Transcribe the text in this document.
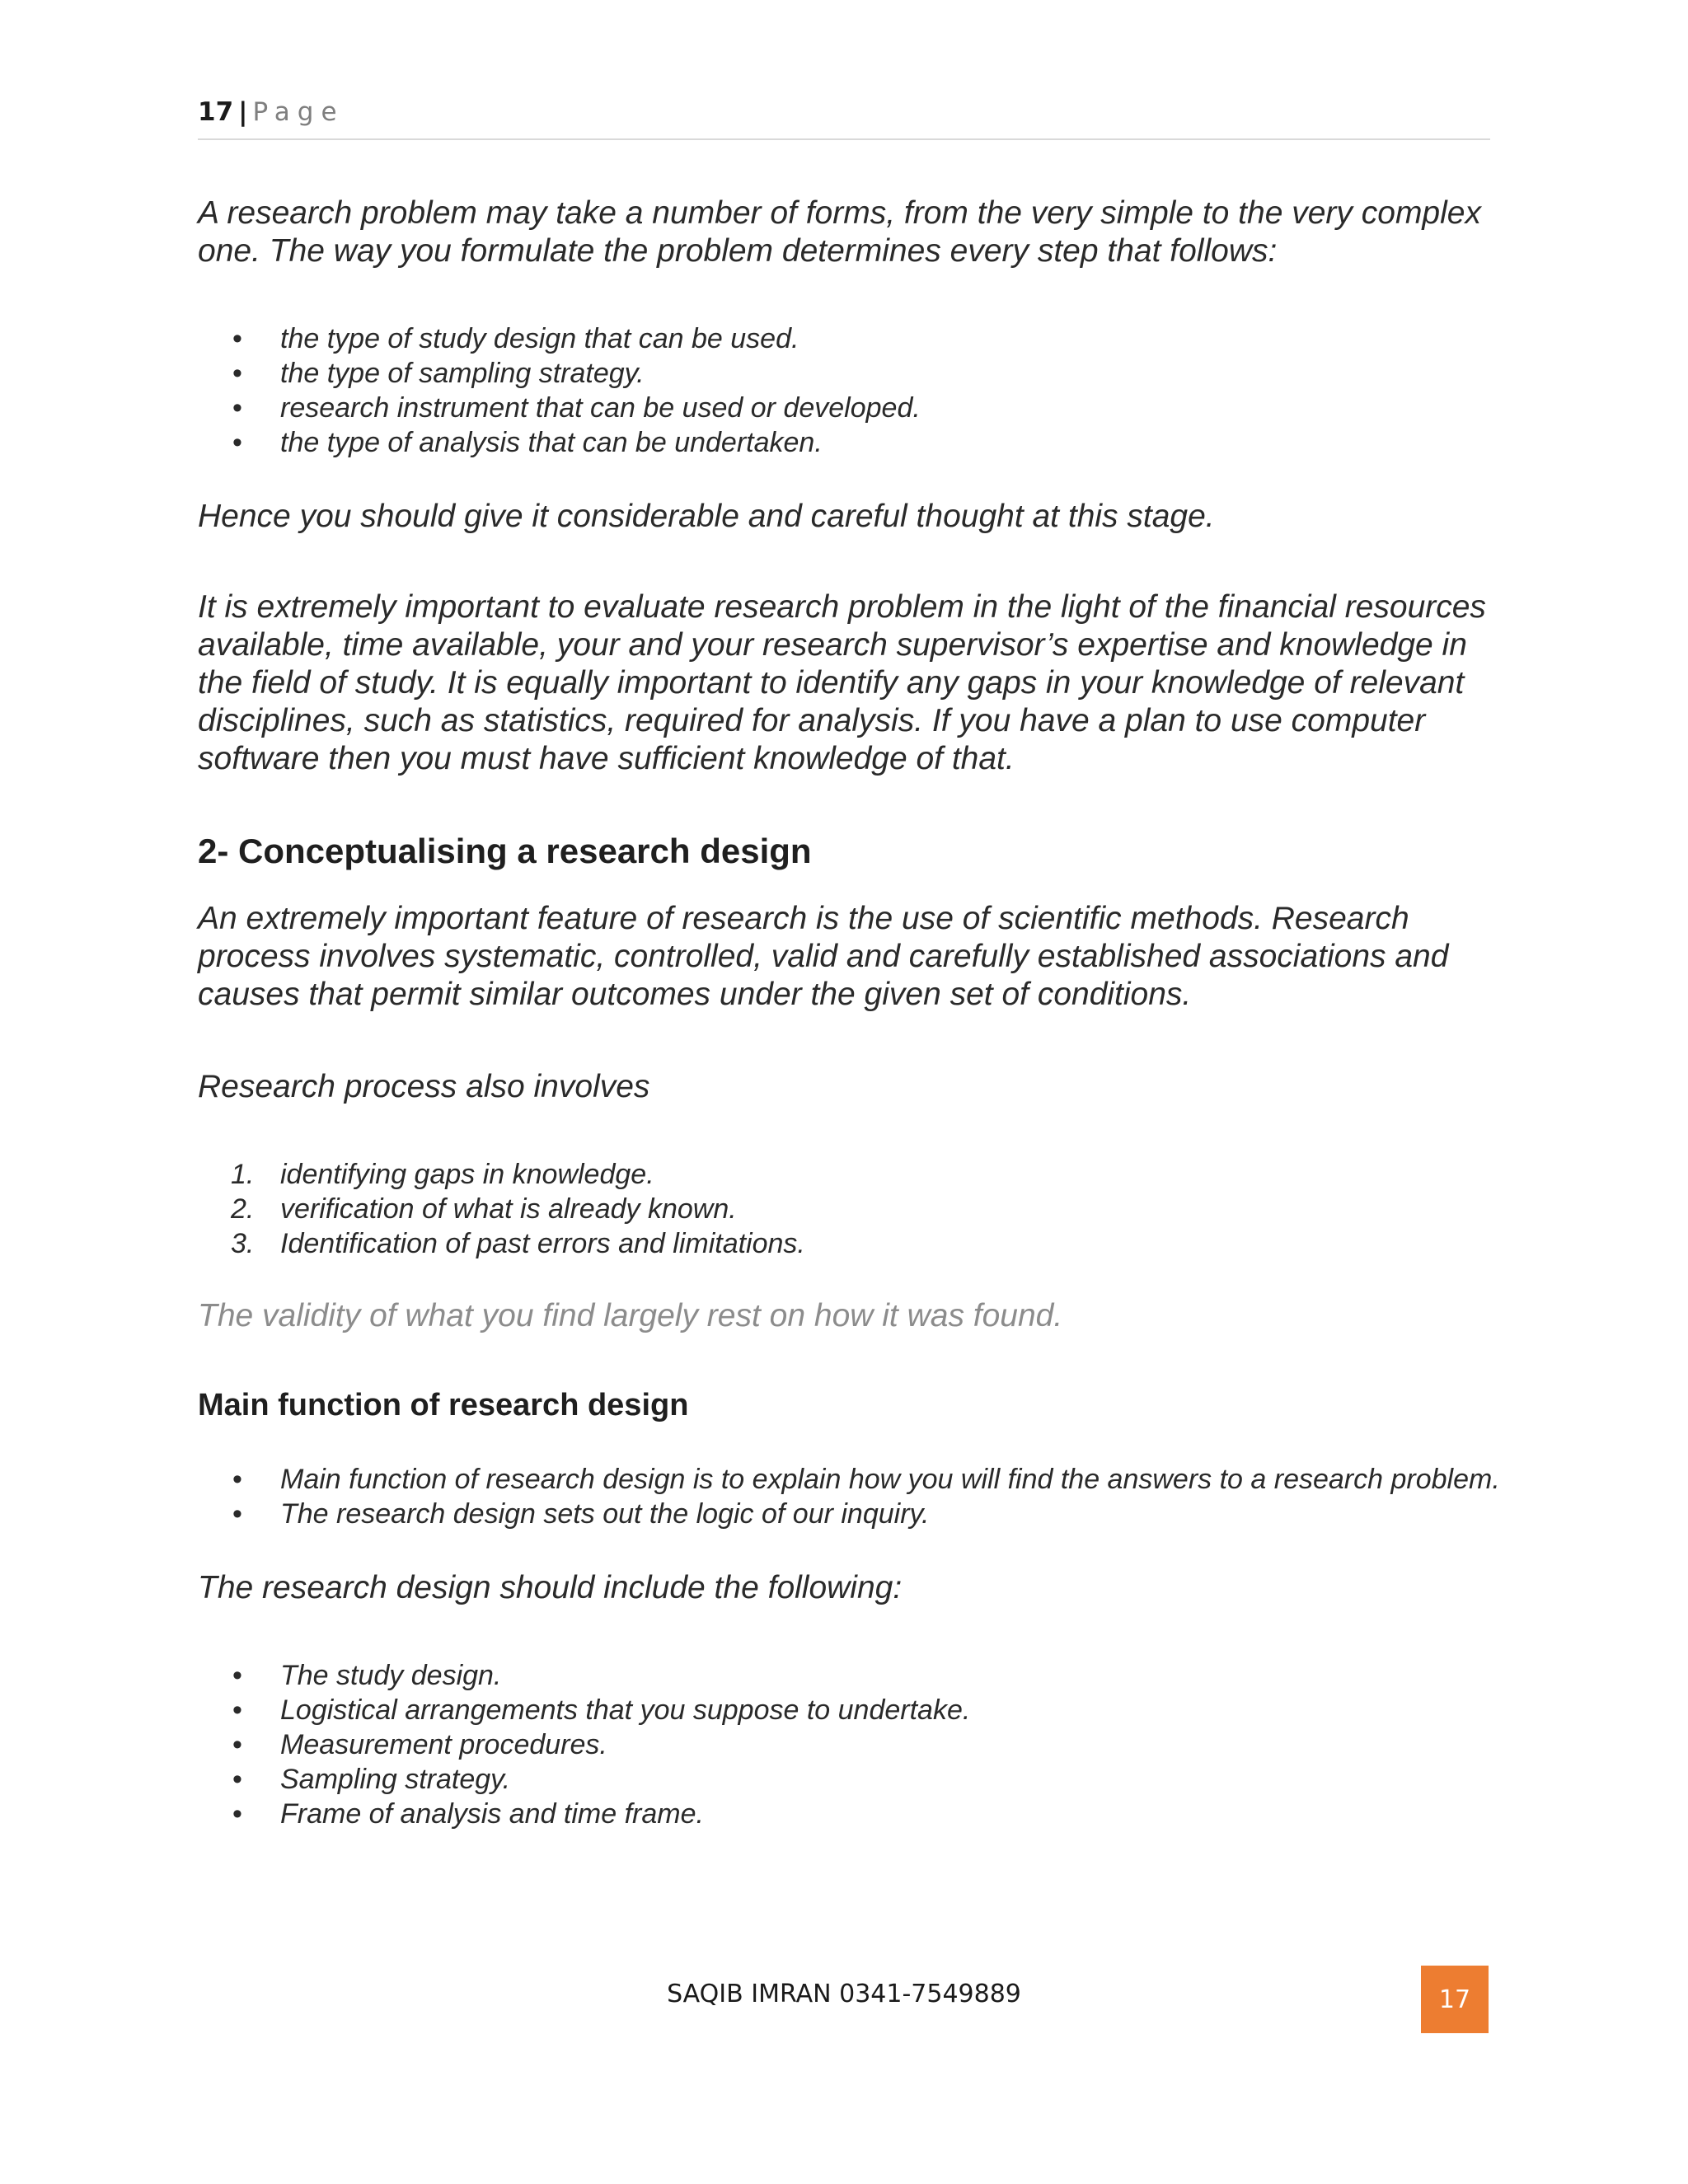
17 | Page

A research problem may take a number of forms, from the very simple to the very complex one. The way you formulate the problem determines every step that follows:

• the type of study design that can be used.
• the type of sampling strategy.
• research instrument that can be used or developed.
• the type of analysis that can be undertaken.

Hence you should give it considerable and careful thought at this stage.

It is extremely important to evaluate research problem in the light of the financial resources available, time available, your and your research supervisor’s expertise and knowledge in the field of study. It is equally important to identify any gaps in your knowledge of relevant disciplines, such as statistics, required for analysis. If you have a plan to use computer software then you must have sufficient knowledge of that.

2- Conceptualising a research design

An extremely important feature of research is the use of scientific methods. Research process involves systematic, controlled, valid and carefully established associations and causes that permit similar outcomes under the given set of conditions.

Research process also involves

1. identifying gaps in knowledge.
2. verification of what is already known.
3. Identification of past errors and limitations.

The validity of what you find largely rest on how it was found.

Main function of research design
• Main function of research design is to explain how you will find the answers to a research problem.
• The research design sets out the logic of our inquiry.

The research design should include the following:

• The study design.
• Logistical arrangements that you suppose to undertake.
• Measurement procedures.
• Sampling strategy.
• Frame of analysis and time frame.
SAQIB IMRAN 0341-7549889	17
